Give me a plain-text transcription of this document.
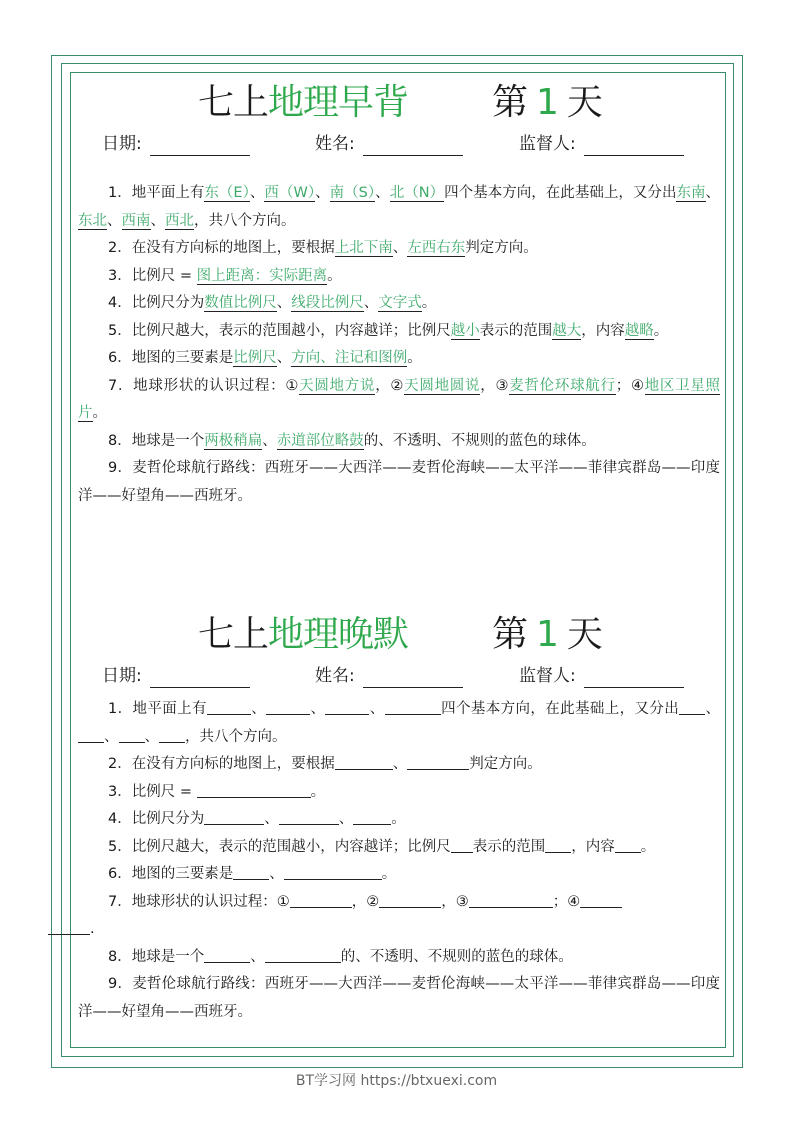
七上地理早背 第 1 天
日期:	姓名:	监督人:

1．地平面上有东（E）、西（W）、南（S）、北（N）四个基本方向，在此基础上，又分出东南、东北、西南、西北，共八个方向。

2．在没有方向标的地图上，要根据上北下南、左西右东判定方向。

3．比例尺 = 图上距离：实际距离。

4．比例尺分为数值比例尺、线段比例尺、文字式。

5．比例尺越大，表示的范围越小，内容越详；比例尺越小表示的范围越大，内容越略。

6．地图的三要素是比例尺、方向、注记和图例。

7．地球形状的认识过程：①天圆地方说，②天圆地圆说，③麦哲伦环球航行；④地区卫星照片。

8．地球是一个两极稍扁、赤道部位略鼓的、不透明、不规则的蓝色的球体。

9．麦哲伦球航行路线：西班牙——大西洋——麦哲伦海峡——太平洋——菲律宾群岛——印度洋——好望角——西班牙。

七上地理晚默 第 1 天
日期:	姓名:	监督人:

1．地平面上有	、	、	、	四个基本方向，在此基础上，又分出 、、 、 ，共八个方向。

2．在没有方向标的地图上，要根据	、	判定方向。

3．比例尺 =	。

4．比例尺分为	、	、	。

5．比例尺越大，表示的范围越小，内容越详；比例尺 表示的范围 ，内容 。

6．地图的三要素是 、	。

7．地球形状的认识过程：①	，②	，③	；④
.

8．地球是一个	、	的、不透明、不规则的蓝色的球体。

9．麦哲伦球航行路线：西班牙——大西洋——麦哲伦海峡——太平洋——菲律宾群岛——印度洋——好望角——西班牙。

BT学习网 https://btxuexi.com
